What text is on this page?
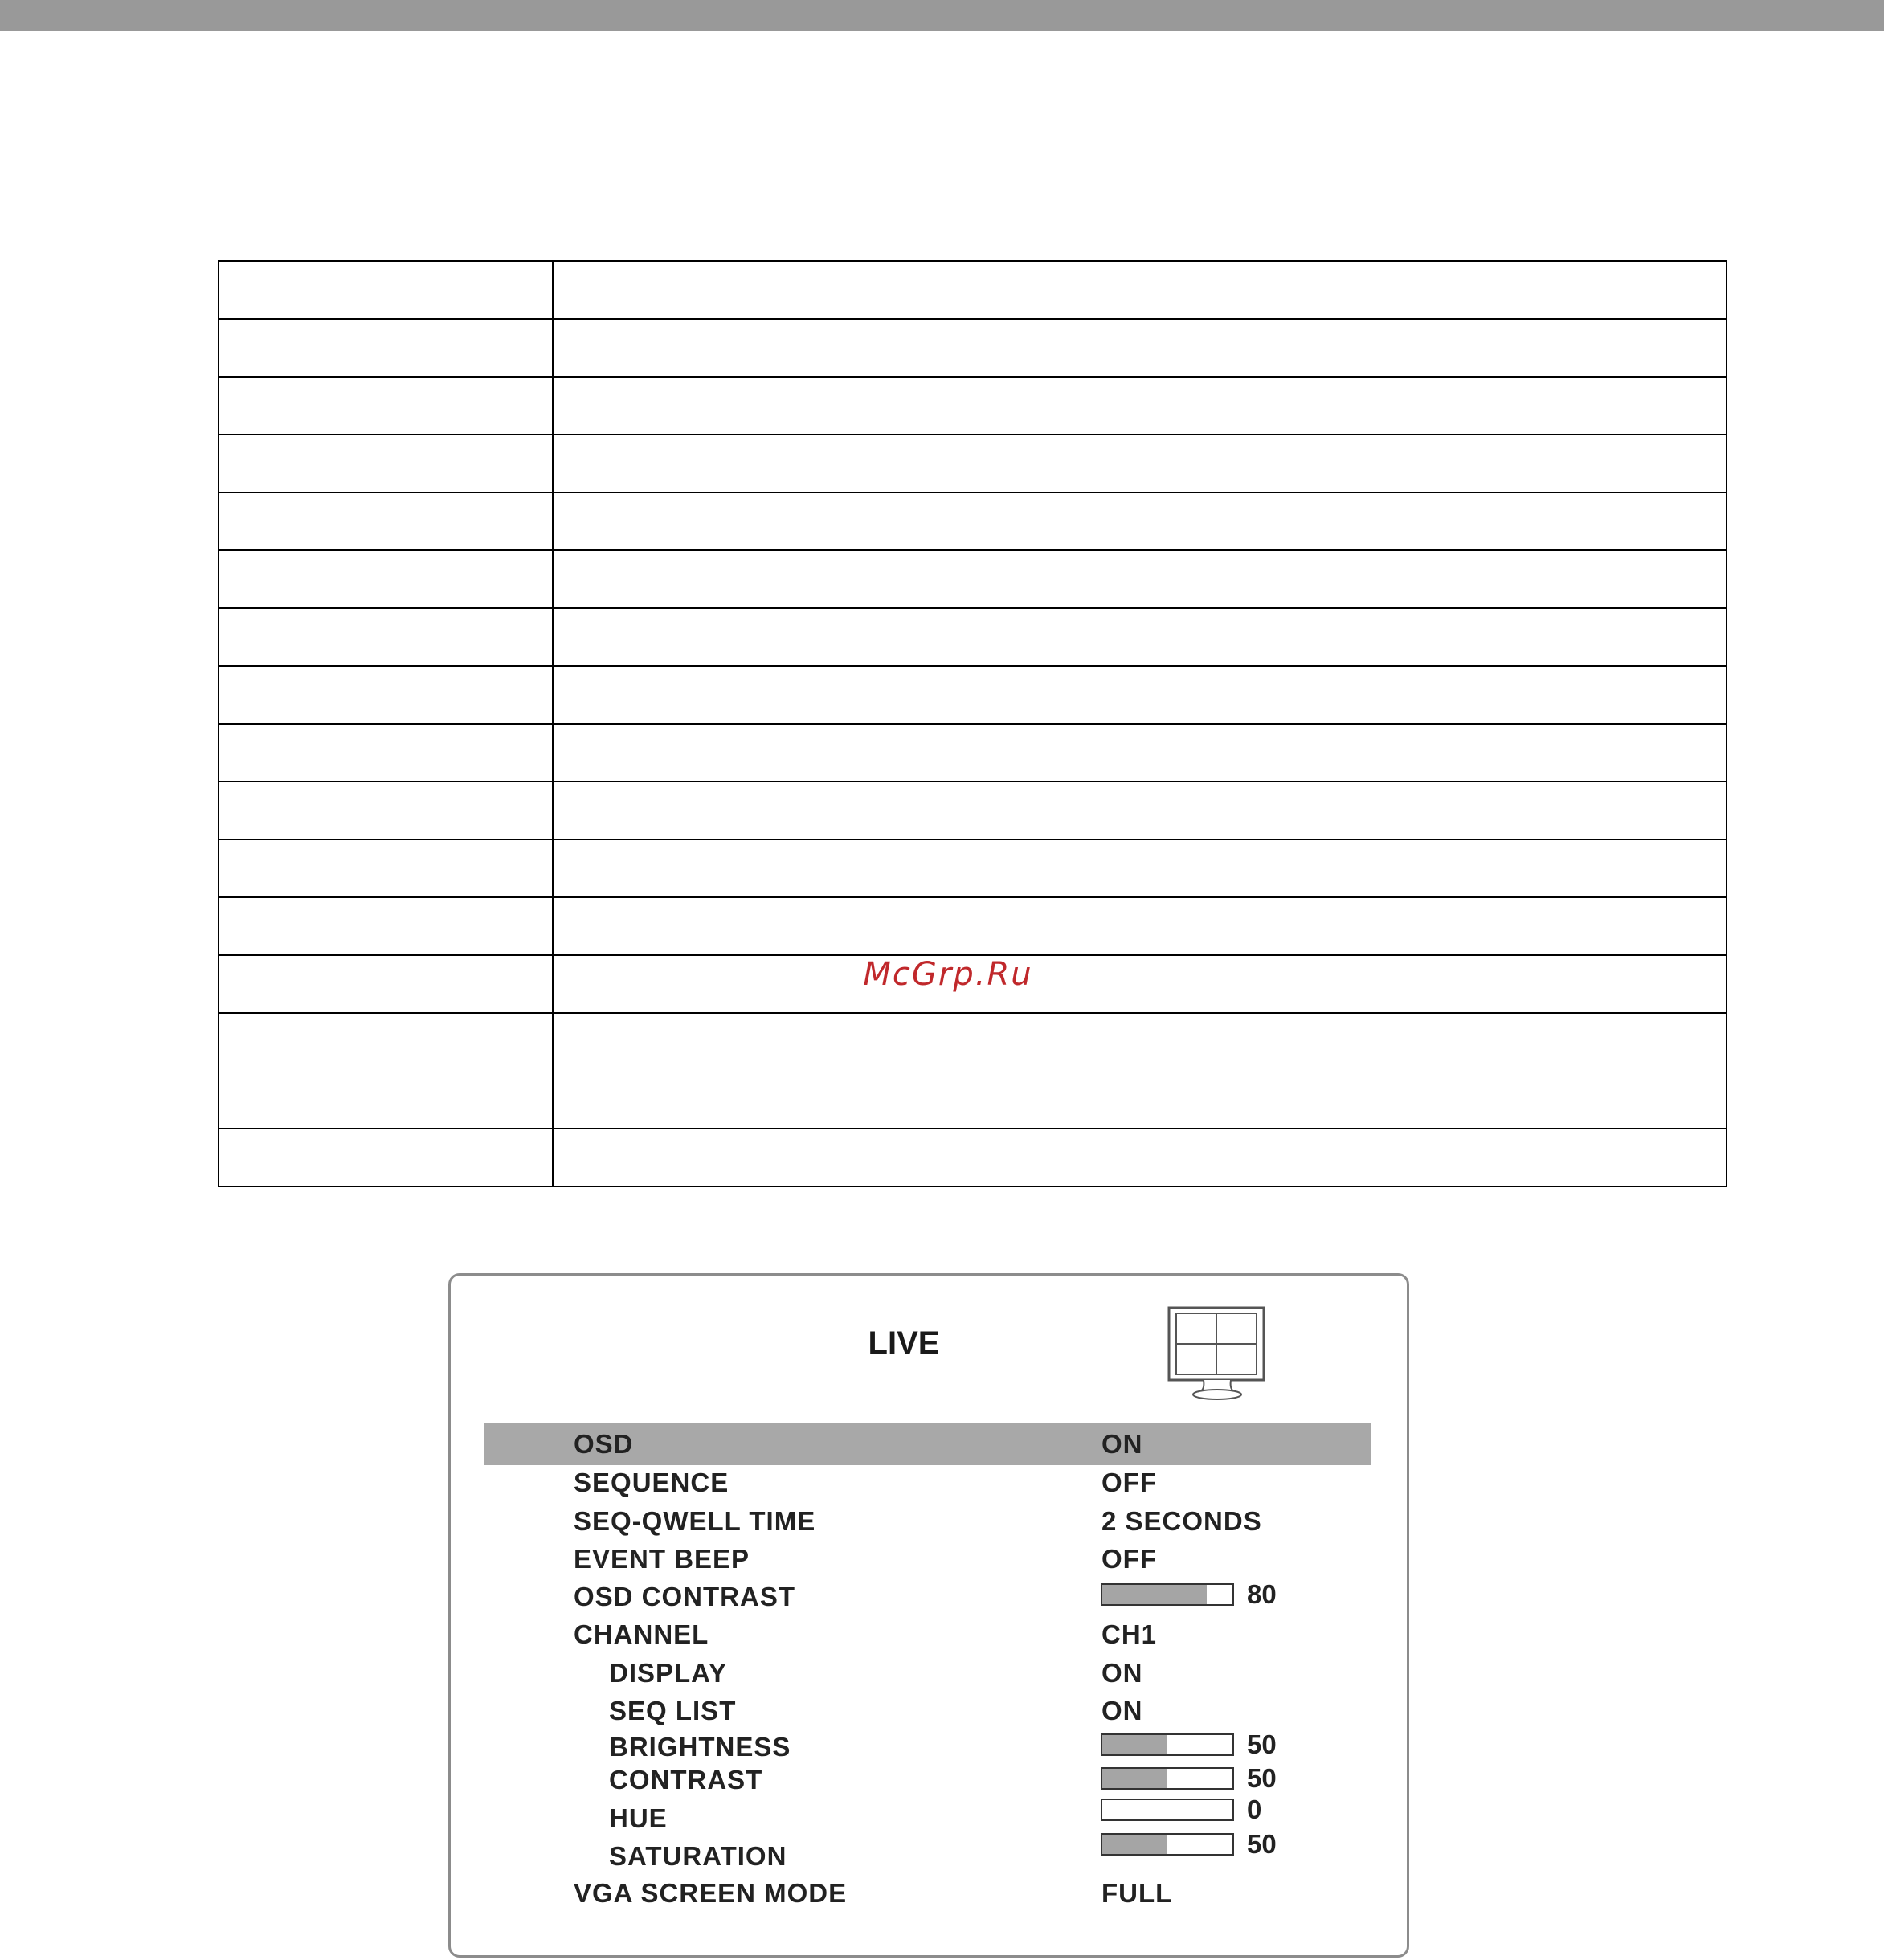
McGrp.Ru
LIVE
OSD	ON
SEQUENCE	OFF
SEQ-QWELL TIME	2 SECONDS
EVENT BEEP	OFF
OSD CONTRAST	80
CHANNEL	CH1
DISPLAY	ON
SEQ LIST	ON
BRIGHTNESS	50
CONTRAST	50
HUE	0
SATURATION	50
VGA SCREEN MODE	FULL
